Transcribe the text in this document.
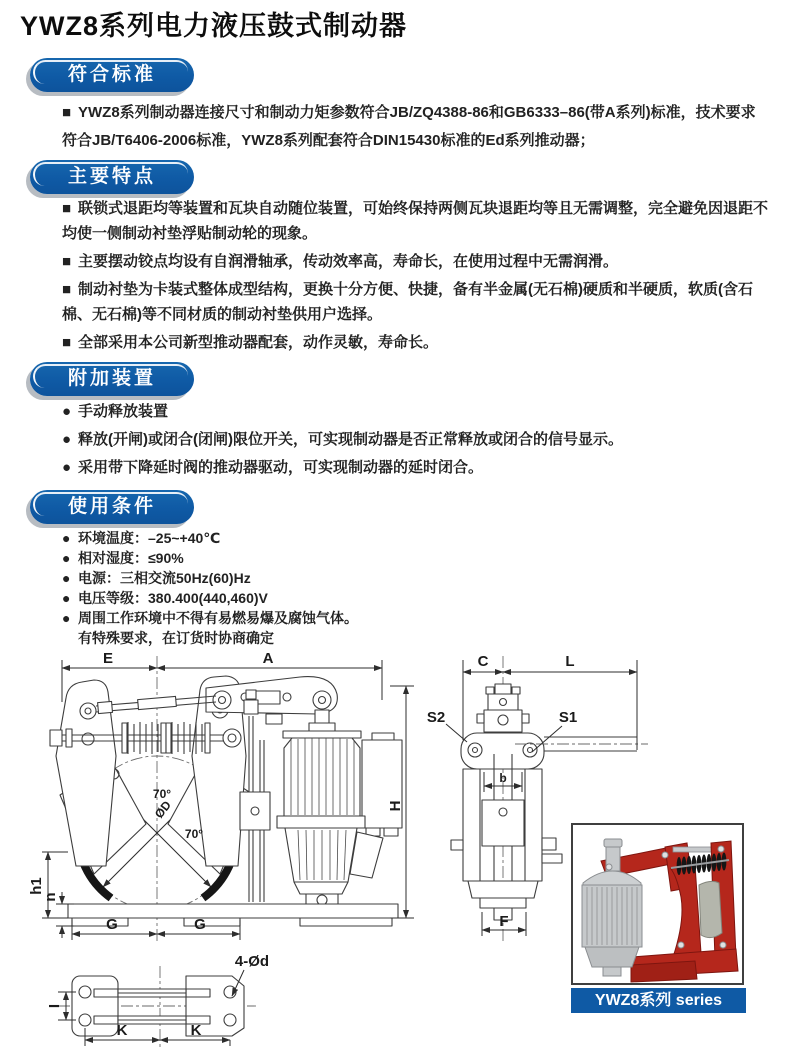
YWZ8系列电力液压鼓式制动器
符合标准
主要特点
附加装置
使用条件

■ YWZ8系列制动器连接尺寸和制动力矩参数符合JB/ZQ4388-86和GB6333–86(带A系列)标准，技术要求符合JB/T6406-2006标准，YWZ8系列配套符合DIN15430标准的Ed系列推动器；

■ 联锁式退距均等装置和瓦块自动随位装置，可始终保持两侧瓦块退距均等且无需调整，完全避免因退距不均使一侧制动衬垫浮贴制动轮的现象。

■ 主要摆动铰点均设有自润滑轴承，传动效率高，寿命长，在使用过程中无需润滑。

■ 制动衬垫为卡装式整体成型结构，更换十分方便、快捷，备有半金属(无石棉)硬质和半硬质，软质(含石棉、无石棉)等不同材质的制动衬垫供用户选择。

■ 全部采用本公司新型推动器配套，动作灵敏，寿命长。

● 手动释放装置

● 释放(开闸)或闭合(闭闸)限位开关，可实现制动器是否正常释放或闭合的信号显示。

● 采用带下降延时阀的推动器驱动，可实现制动器的延时闭合。

● 环境温度：–25~+40℃

● 相对湿度：≤90%

● 电源：三相交流50Hz(60)Hz

● 电压等级：380.400(440,460)V

● 周围工作环境中不得有易燃易爆及腐蚀气体。

有特殊要求，在订货时协商确定

E	A
H
h1
n
G	G
70°
70°
ØD
C	L
S2	S1
b
F
I
K	K
4-Ød
YWZ8系列 series
